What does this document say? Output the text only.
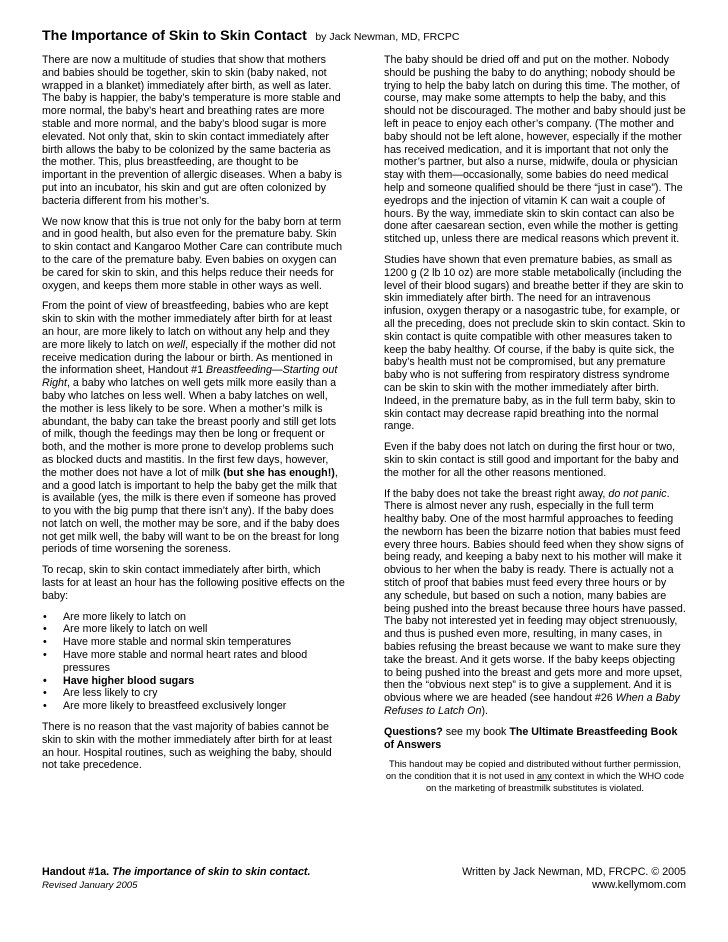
The Importance of Skin to Skin Contact by Jack Newman, MD, FRCPC

There are now a multitude of studies that show that mothers and babies should be together, skin to skin (baby naked, not wrapped in a blanket) immediately after birth, as well as later. The baby is happier, the baby’s temperature is more stable and more normal, the baby’s heart and breathing rates are more stable and more normal, and the baby’s blood sugar is more elevated. Not only that, skin to skin contact immediately after birth allows the baby to be colonized by the same bacteria as the mother. This, plus breastfeeding, are thought to be important in the prevention of allergic diseases. When a baby is put into an incubator, his skin and gut are often colonized by bacteria different from his mother’s.

We now know that this is true not only for the baby born at term and in good health, but also even for the premature baby. Skin to skin contact and Kangaroo Mother Care can contribute much to the care of the premature baby. Even babies on oxygen can be cared for skin to skin, and this helps reduce their needs for oxygen, and keeps them more stable in other ways as well.

From the point of view of breastfeeding, babies who are kept skin to skin with the mother immediately after birth for at least an hour, are more likely to latch on without any help and they are more likely to latch on well, especially if the mother did not receive medication during the labour or birth. As mentioned in the information sheet, Handout #1 Breastfeeding—Starting out Right, a baby who latches on well gets milk more easily than a baby who latches on less well. When a baby latches on well, the mother is less likely to be sore. When a mother’s milk is abundant, the baby can take the breast poorly and still get lots of milk, though the feedings may then be long or frequent or both, and the mother is more prone to develop problems such as blocked ducts and mastitis. In the first few days, however, the mother does not have a lot of milk (but she has enough!), and a good latch is important to help the baby get the milk that is available (yes, the milk is there even if someone has proved to you with the big pump that there isn’t any). If the baby does not latch on well, the mother may be sore, and if the baby does not get milk well, the baby will want to be on the breast for long periods of time worsening the soreness.

To recap, skin to skin contact immediately after birth, which lasts for at least an hour has the following positive effects on the baby:

• Are more likely to latch on
• Are more likely to latch on well
• Have more stable and normal skin temperatures
• Have more stable and normal heart rates and blood pressures
• Have higher blood sugars
• Are less likely to cry
• Are more likely to breastfeed exclusively longer

There is no reason that the vast majority of babies cannot be skin to skin with the mother immediately after birth for at least an hour. Hospital routines, such as weighing the baby, should not take precedence.

The baby should be dried off and put on the mother. Nobody should be pushing the baby to do anything; nobody should be trying to help the baby latch on during this time. The mother, of course, may make some attempts to help the baby, and this should not be discouraged. The mother and baby should just be left in peace to enjoy each other’s company. (The mother and baby should not be left alone, however, especially if the mother has received medication, and it is important that not only the mother’s partner, but also a nurse, midwife, doula or physician stay with them—occasionally, some babies do need medical help and someone qualified should be there “just in case”). The eyedrops and the injection of vitamin K can wait a couple of hours. By the way, immediate skin to skin contact can also be done after caesarean section, even while the mother is getting stitched up, unless there are medical reasons which prevent it.

Studies have shown that even premature babies, as small as 1200 g (2 lb 10 oz) are more stable metabolically (including the level of their blood sugars) and breathe better if they are skin to skin immediately after birth. The need for an intravenous infusion, oxygen therapy or a nasogastric tube, for example, or all the preceding, does not preclude skin to skin contact. Skin to skin contact is quite compatible with other measures taken to keep the baby healthy. Of course, if the baby is quite sick, the baby’s health must not be compromised, but any premature baby who is not suffering from respiratory distress syndrome can be skin to skin with the mother immediately after birth. Indeed, in the premature baby, as in the full term baby, skin to skin contact may decrease rapid breathing into the normal range.

Even if the baby does not latch on during the first hour or two, skin to skin contact is still good and important for the baby and the mother for all the other reasons mentioned.

If the baby does not take the breast right away, do not panic. There is almost never any rush, especially in the full term healthy baby. One of the most harmful approaches to feeding the newborn has been the bizarre notion that babies must feed every three hours. Babies should feed when they show signs of being ready, and keeping a baby next to his mother will make it obvious to her when the baby is ready. There is actually not a stitch of proof that babies must feed every three hours or by any schedule, but based on such a notion, many babies are being pushed into the breast because three hours have passed. The baby not interested yet in feeding may object strenuously, and thus is pushed even more, resulting, in many cases, in babies refusing the breast because we want to make sure they take the breast. And it gets worse. If the baby keeps objecting to being pushed into the breast and gets more and more upset, then the “obvious next step” is to give a supplement. And it is obvious where we are headed (see handout #26 When a Baby Refuses to Latch On).

Questions? see my book The Ultimate Breastfeeding Book of Answers

This handout may be copied and distributed without further permission, on the condition that it is not used in any context in which the WHO code on the marketing of breastmilk substitutes is violated.
Handout #1a. The importance of skin to skin contact.
Revised January 2005
Written by Jack Newman, MD, FRCPC. © 2005
www.kellymom.com
